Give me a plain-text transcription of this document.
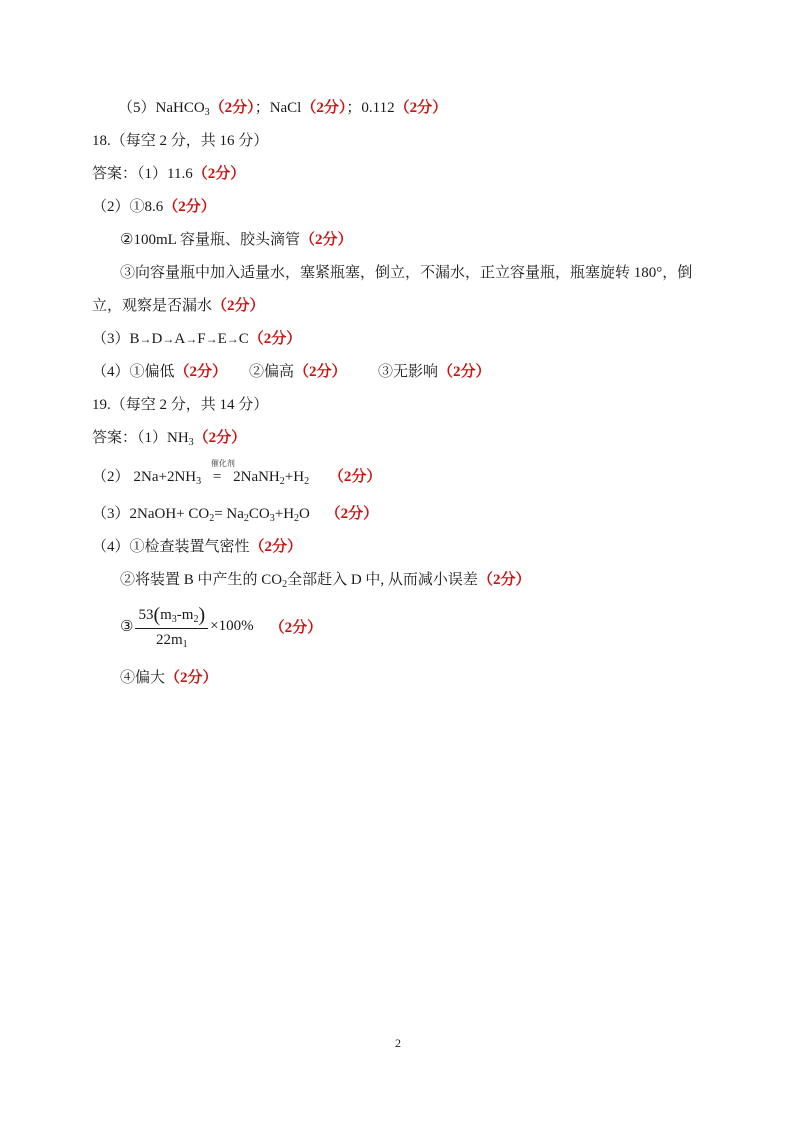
（5）NaHCO$_3$（2分）；NaCl（2分）；0.112（2分）
18.（每空 2 分，共 16 分）
答案：（1）11.6（2分）
（2）①8.6（2分）
②100mL 容量瓶、胶头滴管（2分）
③向容量瓶中加入适量水，塞紧瓶塞，倒立，不漏水，正立容量瓶，瓶塞旋转 180°，倒
立，观察是否漏水（2分）
（3）B→D→A→F→E→C（2分）
（4）①偏低（2分） ②偏高（2分） ③无影响（2分）
19.（每空 2 分，共 14 分）
答案：$(1)NH_3(2$分）
（2） $2Na+2NH_3$
催化剂
= $2NaNH_2+H_2$ （2分）
（3）2NaOH+ $CO_2= Na_2CO_3+H_2O$ （2分）
（4）①检查装置气密性（2分）
②将装置 B 中产生的 $CO_2$全部赶入 D 中, 从而减小误差（2分）
③ $\frac{53(m_3-m_2)}{22m_1} \times 100\%$ （2分）
④偏大（2分）
2
